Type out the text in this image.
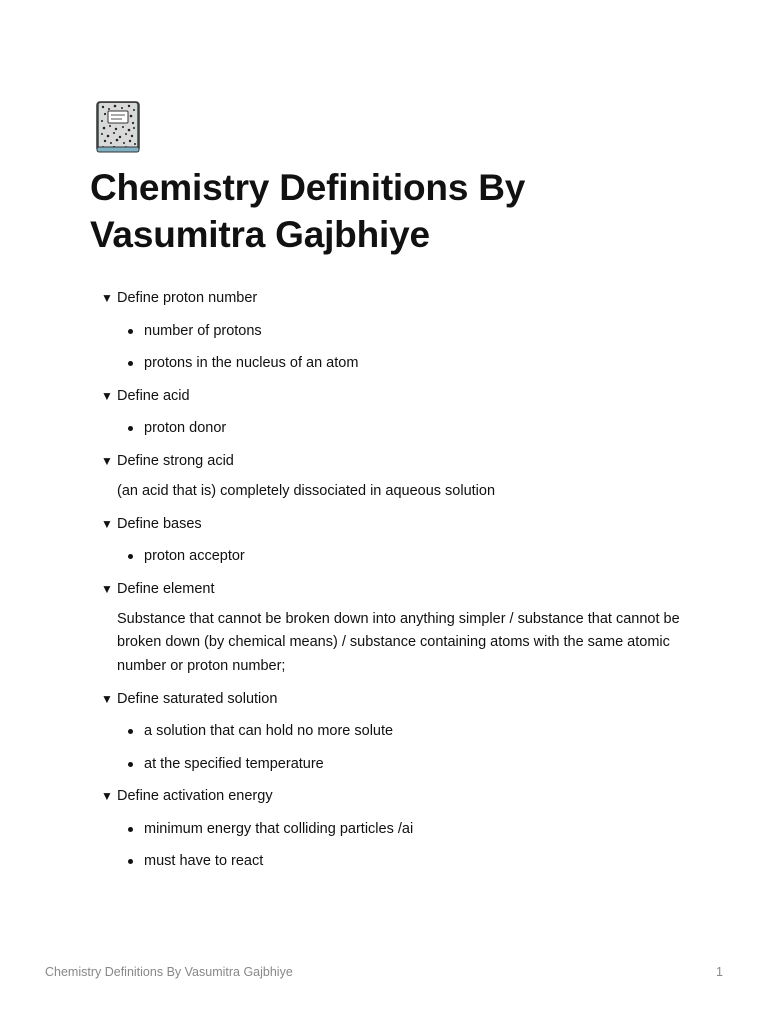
Chemistry Definitions By Vasumitra Gajbhiye
▼ Define proton number
number of protons
protons in the nucleus of an atom
▼ Define acid
proton donor
▼ Define strong acid

(an acid that is) completely dissociated in aqueous solution

▼ Define bases
proton acceptor
▼ Define element

Substance that cannot be broken down into anything simpler / substance that cannot be broken down (by chemical means) / substance containing atoms with the same atomic number or proton number;

▼ Define saturated solution
a solution that can hold no more solute
at the specified temperature
▼ Define activation energy
minimum energy that colliding particles /ai
must have to react
Chemistry Definitions By Vasumitra Gajbhiye	1
